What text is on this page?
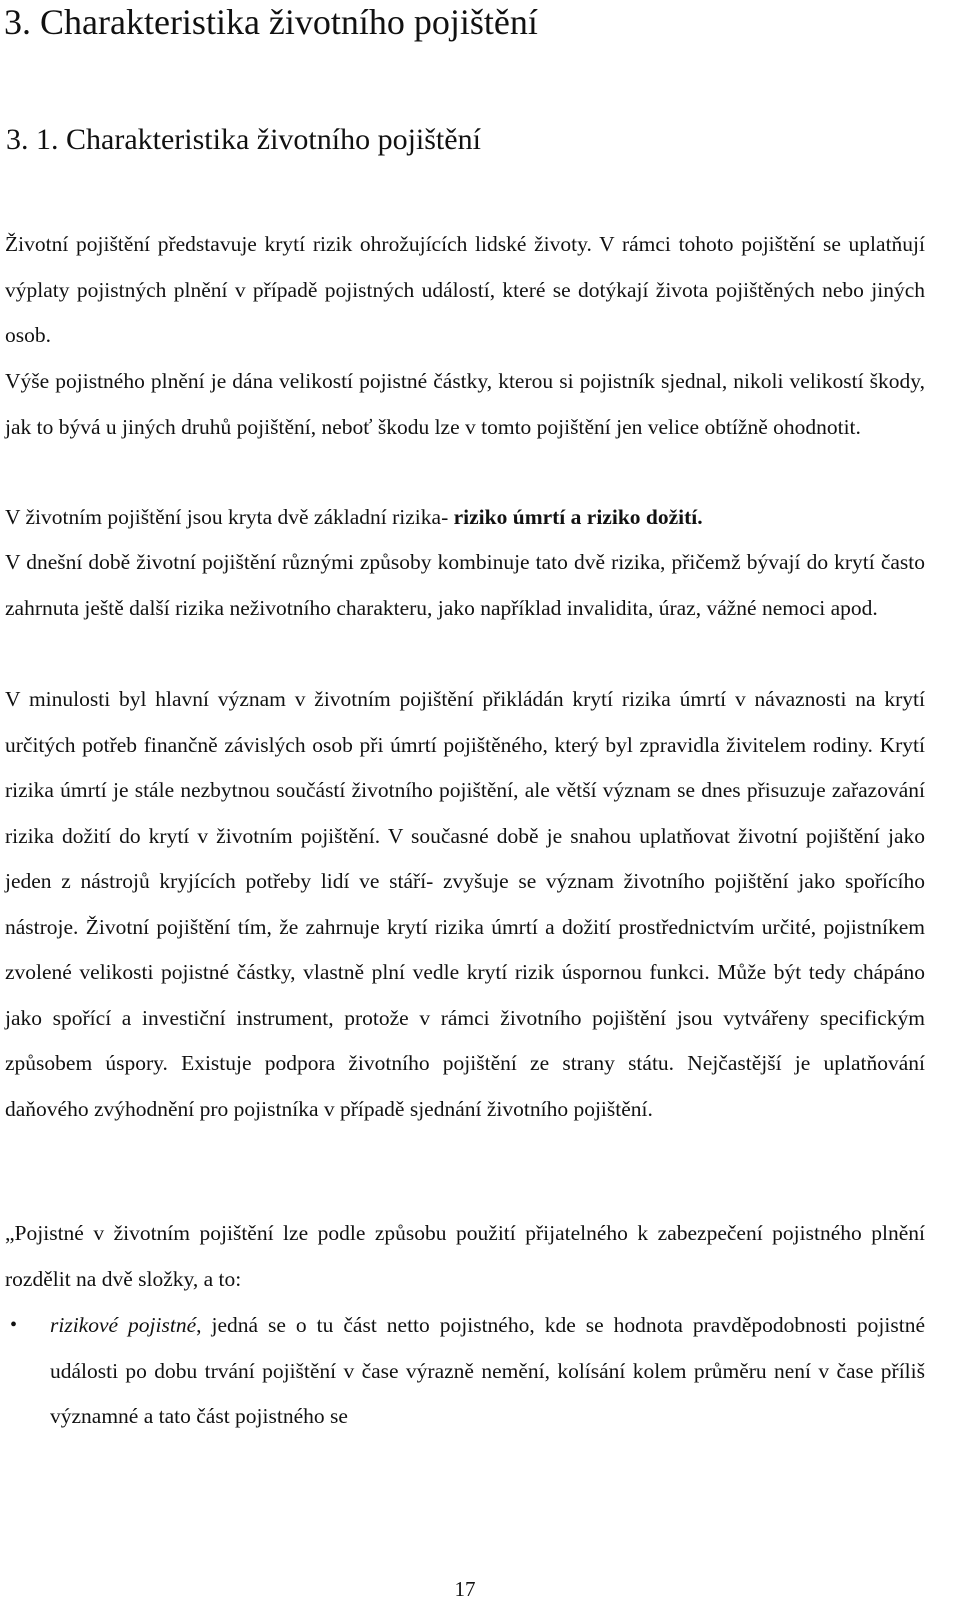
3. Charakteristika životního pojištění
3. 1. Charakteristika životního pojištění

Životní pojištění představuje krytí rizik ohrožujících lidské životy. V rámci tohoto pojištění se uplatňují výplaty pojistných plnění v případě pojistných událostí, které se dotýkají života pojištěných nebo jiných osob.

Výše pojistného plnění je dána velikostí pojistné částky, kterou si pojistník sjednal, nikoli velikostí škody, jak to bývá u jiných druhů pojištění, neboť škodu lze v tomto pojištění jen velice obtížně ohodnotit.

V životním pojištění jsou kryta dvě základní rizika- riziko úmrtí a riziko dožití.

V dnešní době životní pojištění různými způsoby kombinuje tato dvě rizika, přičemž bývají do krytí často zahrnuta ještě další rizika neživotního charakteru, jako například invalidita, úraz, vážné nemoci apod.

V minulosti byl hlavní význam v životním pojištění přikládán krytí rizika úmrtí v návaznosti na krytí určitých potřeb finančně závislých osob při úmrtí pojištěného, který byl zpravidla živitelem rodiny. Krytí rizika úmrtí je stále nezbytnou součástí životního pojištění, ale větší význam se dnes přisuzuje zařazování rizika dožití do krytí v životním pojištění. V současné době je snahou uplatňovat životní pojištění jako jeden z nástrojů kryjících potřeby lidí ve stáří- zvyšuje se význam životního pojištění jako spořícího nástroje. Životní pojištění tím, že zahrnuje krytí rizika úmrtí a dožití prostřednictvím určité, pojistníkem zvolené velikosti pojistné částky, vlastně plní vedle krytí rizik úspornou funkci. Může být tedy chápáno jako spořící a investiční instrument, protože v rámci životního pojištění jsou vytvářeny specifickým způsobem úspory. Existuje podpora životního pojištění ze strany státu. Nejčastější je uplatňování daňového zvýhodnění pro pojistníka v případě sjednání životního pojištění.

„Pojistné v životním pojištění lze podle způsobu použití přijatelného k zabezpečení pojistného plnění rozdělit na dvě složky, a to:

• rizikové pojistné, jedná se o tu část netto pojistného, kde se hodnota pravděpodobnosti pojistné události po dobu trvání pojištění v čase výrazně nemění, kolísání kolem průměru není v čase příliš významné a tato část pojistného se
17
